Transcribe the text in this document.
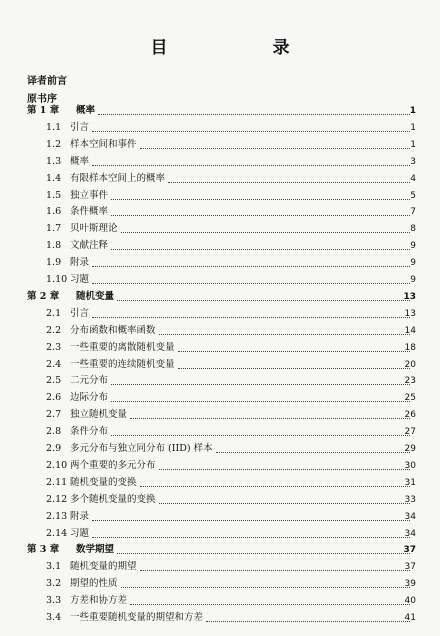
目　录
译者前言
原书序
第 1 章 概率	1
1.1 引言	1
1.2 样本空间和事件	1
1.3 概率	3
1.4 有限样本空间上的概率	4
1.5 独立事件	5
1.6 条件概率	7
1.7 贝叶斯理论	8
1.8 文献注释	9
1.9 附录	9
1.10 习题	9
第 2 章 随机变量	13
2.1 引言	13
2.2 分布函数和概率函数	14
2.3 一些重要的离散随机变量	18
2.4 一些重要的连续随机变量	20
2.5 二元分布	23
2.6 边际分布	25
2.7 独立随机变量	26
2.8 条件分布	27
2.9 多元分布与独立同分布 (IID) 样本	29
2.10 两个重要的多元分布	30
2.11 随机变量的变换	31
2.12 多个随机变量的变换	33
2.13 附录	34
2.14 习题	34
第 3 章 数学期望	37
3.1 随机变量的期望	37
3.2 期望的性质	39
3.3 方差和协方差	40
3.4 一些重要随机变量的期望和方差	41
